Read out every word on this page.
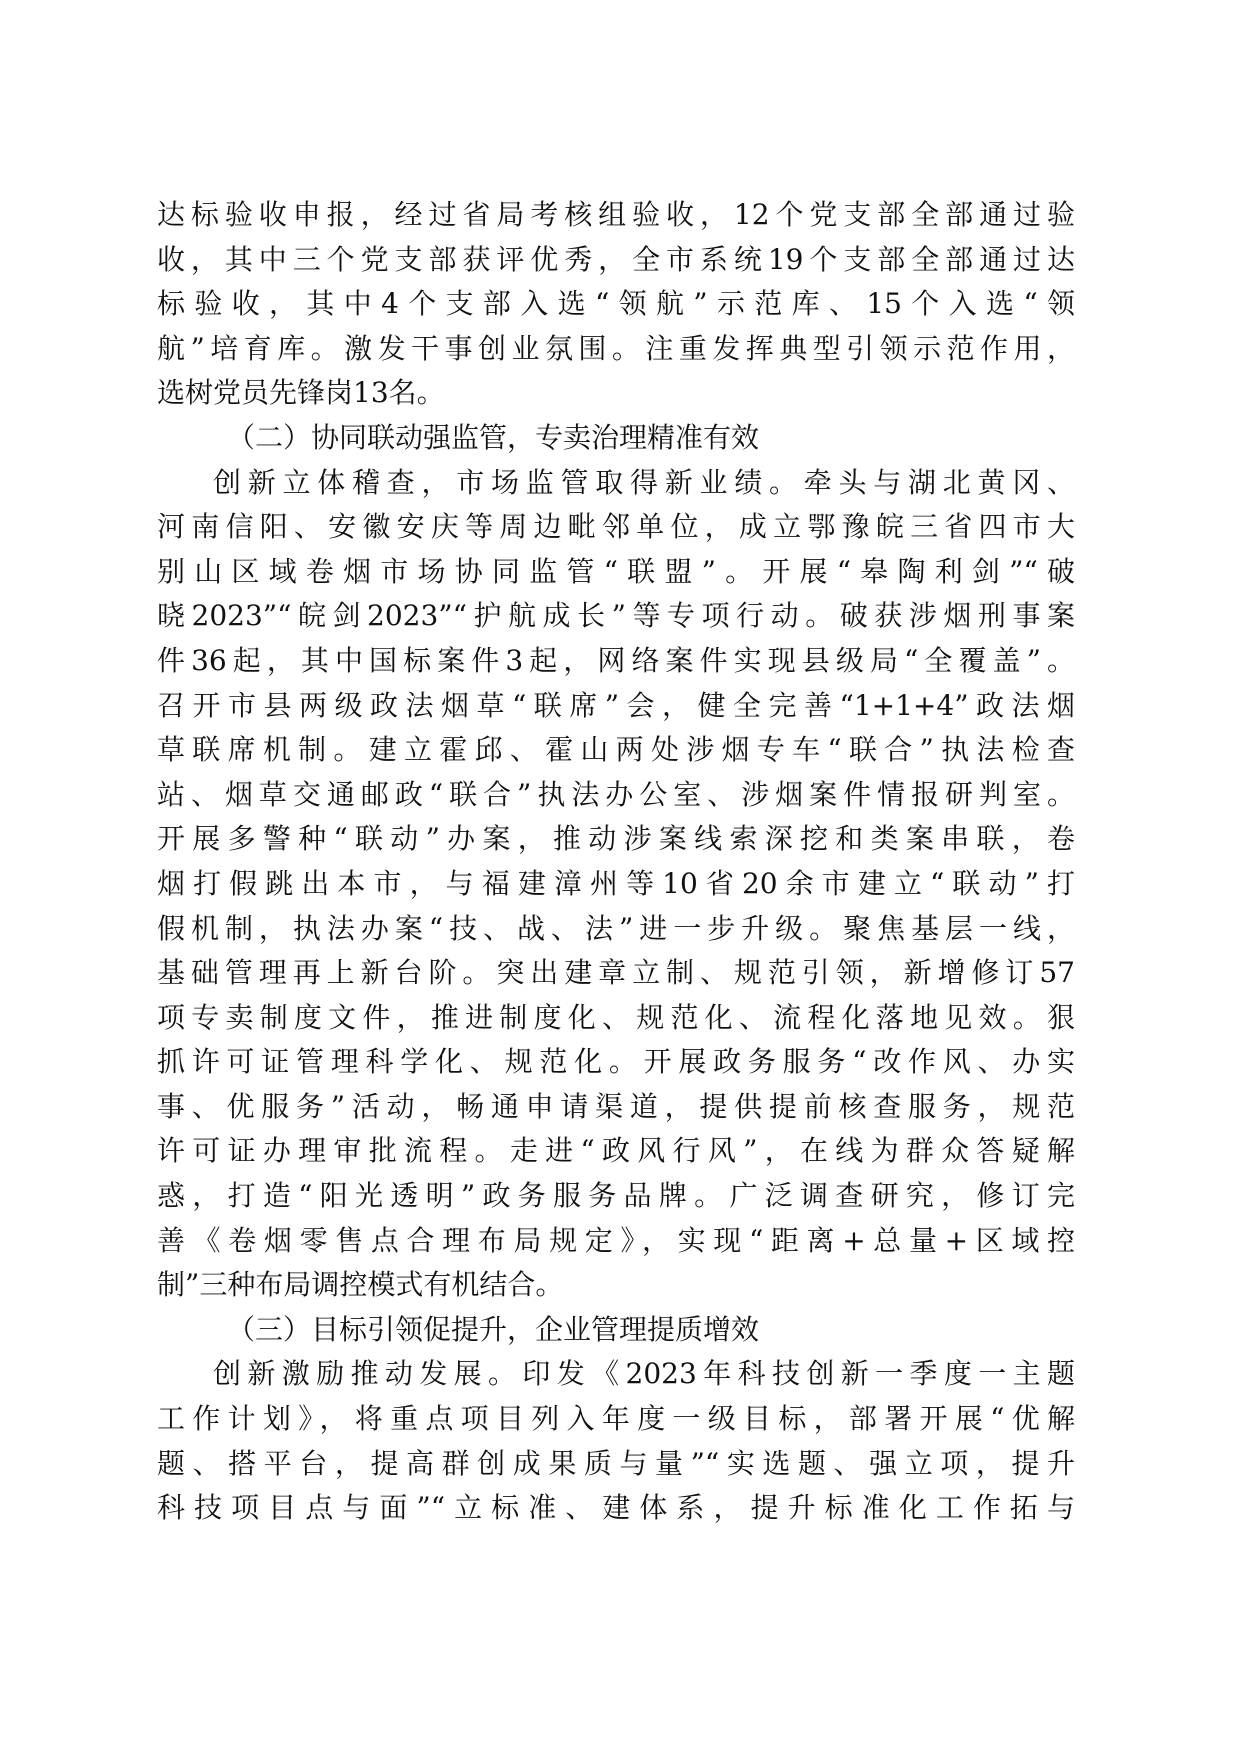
达标验收申报，经过省局考核组验收，12个党支部全部通过验
收，其中三个党支部获评优秀，全市系统19个支部全部通过达
标验收，其中4个支部入选“领航”示范库、15个入选“领
航”培育库。激发干事创业氛围。注重发挥典型引领示范作用，
选树党员先锋岗13名。
（二）协同联动强监管，专卖治理精准有效
创新立体稽查，市场监管取得新业绩。牵头与湖北黄冈、
河南信阳、安徽安庆等周边毗邻单位，成立鄂豫皖三省四市大
别山区域卷烟市场协同监管“联盟”。开展“皋陶利剑”“破
晓2023”“皖剑2023”“护航成长”等专项行动。破获涉烟刑事案
件36起，其中国标案件3起，网络案件实现县级局“全覆盖”。
召开市县两级政法烟草“联席”会，健全完善“1+1+4”政法烟
草联席机制。建立霍邱、霍山两处涉烟专车“联合”执法检查
站、烟草交通邮政“联合”执法办公室、涉烟案件情报研判室。
开展多警种“联动”办案，推动涉案线索深挖和类案串联，卷
烟打假跳出本市，与福建漳州等10省20余市建立“联动”打
假机制，执法办案“技、战、法”进一步升级。聚焦基层一线，
基础管理再上新台阶。突出建章立制、规范引领，新增修订57
项专卖制度文件，推进制度化、规范化、流程化落地见效。狠
抓许可证管理科学化、规范化。开展政务服务“改作风、办实
事、优服务”活动，畅通申请渠道，提供提前核查服务，规范
许可证办理审批流程。走进“政风行风”，在线为群众答疑解
惑，打造“阳光透明”政务服务品牌。广泛调查研究，修订完
善《卷烟零售点合理布局规定》，实现“距离+总量+区域控
制”三种布局调控模式有机结合。
（三）目标引领促提升，企业管理提质增效
创新激励推动发展。印发《2023年科技创新一季度一主题
工作计划》，将重点项目列入年度一级目标，部署开展“优解
题、搭平台，提高群创成果质与量”“实选题、强立项，提升
科技项目点与面”“立标准、建体系，提升标准化工作拓与
